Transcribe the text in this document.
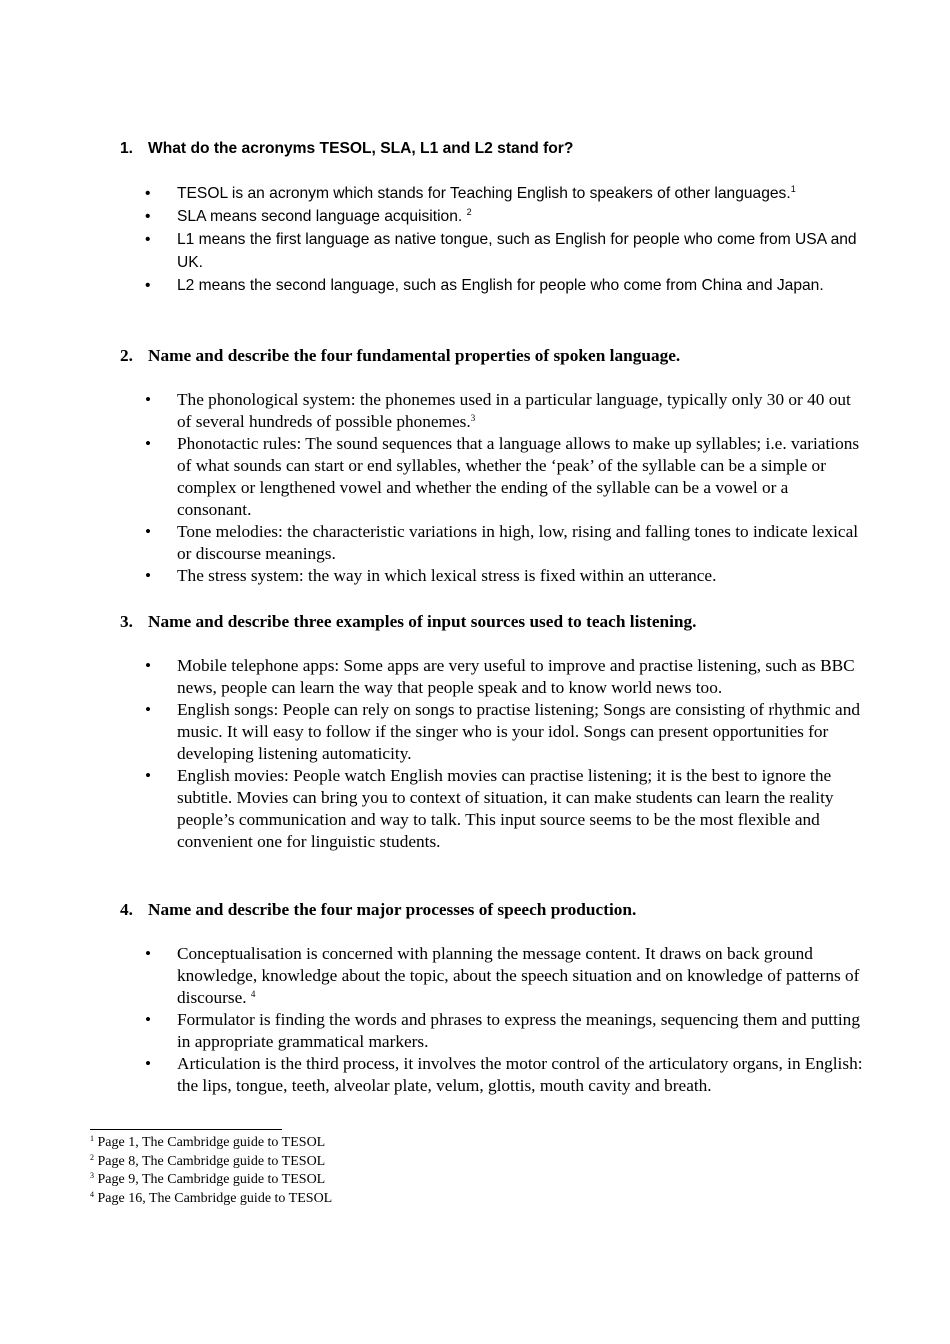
1. What do the acronyms TESOL, SLA, L1 and L2 stand for?

• TESOL is an acronym which stands for Teaching English to speakers of other languages.$^1$
• SLA means second language acquisition. $^2$
• L1 means the first language as native tongue, such as English for people who come from USA and UK.
• L2 means the second language, such as English for people who come from China and Japan.

2. Name and describe the four fundamental properties of spoken language.

• The phonological system: the phonemes used in a particular language, typically only 30 or 40 out of several hundreds of possible phonemes.$^3$
• Phonotactic rules: The sound sequences that a language allows to make up syllables; i.e. variations of what sounds can start or end syllables, whether the ‘peak’ of the syllable can be a simple or complex or lengthened vowel and whether the ending of the syllable can be a vowel or a consonant.
• Tone melodies: the characteristic variations in high, low, rising and falling tones to indicate lexical or discourse meanings.
• The stress system: the way in which lexical stress is fixed within an utterance.

3. Name and describe three examples of input sources used to teach listening.

• Mobile telephone apps: Some apps are very useful to improve and practise listening, such as BBC news, people can learn the way that people speak and to know world news too.
• English songs: People can rely on songs to practise listening; Songs are consisting of rhythmic and music. It will easy to follow if the singer who is your idol. Songs can present opportunities for developing listening automaticity.
• English movies: People watch English movies can practise listening; it is the best to ignore the subtitle. Movies can bring you to context of situation, it can make students can learn the reality people’s communication and way to talk. This input source seems to be the most flexible and convenient one for linguistic students.

4. Name and describe the four major processes of speech production.

• Conceptualisation is concerned with planning the message content. It draws on back ground knowledge, knowledge about the topic, about the speech situation and on knowledge of patterns of discourse. $^4$
• Formulator is finding the words and phrases to express the meanings, sequencing them and putting in appropriate grammatical markers.
• Articulation is the third process, it involves the motor control of the articulatory organs, in English: the lips, tongue, teeth, alveolar plate, velum, glottis, mouth cavity and breath.
$^1$ Page 1, The Cambridge guide to TESOL
$^2$ Page 8, The Cambridge guide to TESOL
$^3$ Page 9, The Cambridge guide to TESOL
$^4$ Page 16, The Cambridge guide to TESOL
